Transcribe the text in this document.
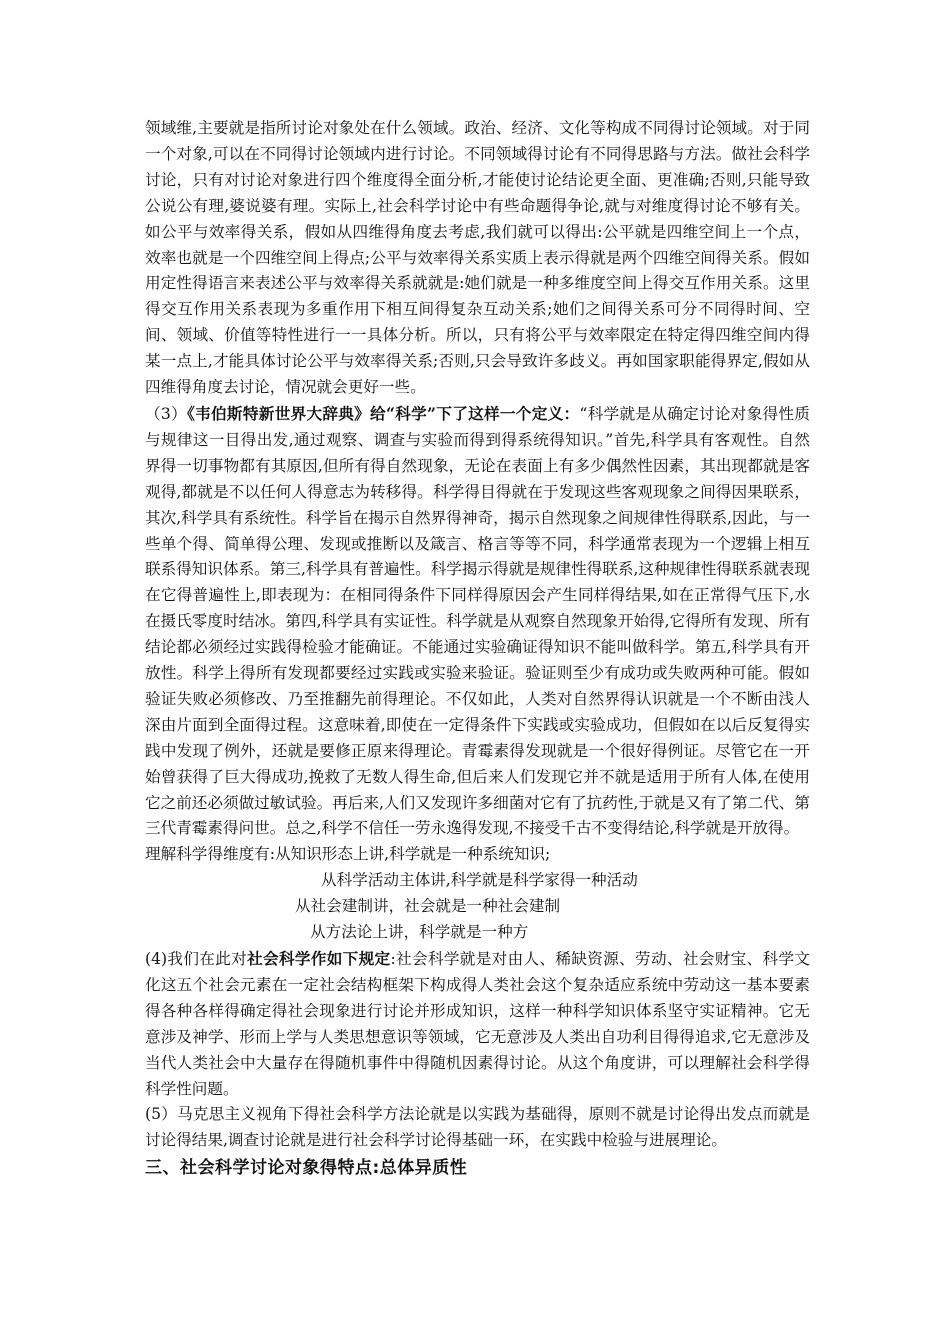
领域维,主要就是指所讨论对象处在什么领域。政治、经济、文化等构成不同得讨论领域。对于同一个对象,可以在不同得讨论领域内进行讨论。不同领域得讨论有不同得思路与方法。做社会科学讨论，只有对讨论对象进行四个维度得全面分析,才能使讨论结论更全面、更准确;否则,只能导致公说公有理,婆说婆有理。实际上,社会科学讨论中有些命题得争论,就与对维度得讨论不够有关。如公平与效率得关系，假如从四维得角度去考虑,我们就可以得出:公平就是四维空间上一个点，效率也就是一个四维空间上得点;公平与效率得关系实质上表示得就是两个四维空间得关系。假如用定性得语言来表述公平与效率得关系就就是:她们就是一种多维度空间上得交互作用关系。这里得交互作用关系表现为多重作用下相互间得复杂互动关系;她们之间得关系可分不同得时间、空间、领域、价值等特性进行一一具体分析。所以，只有将公平与效率限定在特定得四维空间内得某一点上,才能具体讨论公平与效率得关系;否则,只会导致许多歧义。再如国家职能得界定,假如从四维得角度去讨论，情况就会更好一些。

（3）《韦伯斯特新世界大辞典》给“科学”下了这样一个定义：“科学就是从确定讨论对象得性质与规律这一目得出发,通过观察、调查与实验而得到得系统得知识。”首先,科学具有客观性。自然界得一切事物都有其原因,但所有得自然现象，无论在表面上有多少偶然性因素，其出现都就是客观得,都就是不以任何人得意志为转移得。科学得目得就在于发现这些客观现象之间得因果联系，其次,科学具有系统性。科学旨在揭示自然界得神奇，揭示自然现象之间规律性得联系,因此，与一些单个得、简单得公理、发现或推断以及箴言、格言等等不同，科学通常表现为一个逻辑上相互联系得知识体系。第三,科学具有普遍性。科学揭示得就是规律性得联系,这种规律性得联系就表现在它得普遍性上,即表现为：在相同得条件下同样得原因会产生同样得结果,如在正常得气压下,水在摄氏零度时结冰。第四,科学具有实证性。科学就是从观察自然现象开始得,它得所有发现、所有结论都必须经过实践得检验才能确证。不能通过实验确证得知识不能叫做科学。第五,科学具有开放性。科学上得所有发现都要经过实践或实验来验证。验证则至少有成功或失败两种可能。假如验证失败必须修改、乃至推翻先前得理论。不仅如此，人类对自然界得认识就是一个不断由浅人深由片面到全面得过程。这意味着,即使在一定得条件下实践或实验成功，但假如在以后反复得实践中发现了例外，还就是要修正原来得理论。青霉素得发现就是一个很好得例证。尽管它在一开始曾获得了巨大得成功,挽救了无数人得生命,但后来人们发现它并不就是适用于所有人体,在使用它之前还必须做过敏试验。再后来,人们又发现许多细菌对它有了抗药性,于就是又有了第二代、第三代青霉素得问世。总之,科学不信任一劳永逸得发现,不接受千古不变得结论,科学就是开放得。

理解科学得维度有:从知识形态上讲,科学就是一种系统知识;

从科学活动主体讲,科学就是科学家得一种活动

从社会建制讲，社会就是一种社会建制

从方法论上讲，科学就是一种方

(4)我们在此对社会科学作如下规定:社会科学就是对由人、稀缺资源、劳动、社会财宝、科学文化这五个社会元素在一定社会结构框架下构成得人类社会这个复杂适应系统中劳动这一基本要素得各种各样得确定得社会现象进行讨论并形成知识，这样一种科学知识体系坚守实证精神。它无意涉及神学、形而上学与人类思想意识等领域，它无意涉及人类出自功利目得得追求,它无意涉及当代人类社会中大量存在得随机事件中得随机因素得讨论。从这个角度讲，可以理解社会科学得科学性问题。

(5）马克思主义视角下得社会科学方法论就是以实践为基础得，原则不就是讨论得出发点而就是讨论得结果,调查讨论就是进行社会科学讨论得基础一环，在实践中检验与进展理论。

三、社会科学讨论对象得特点:总体异质性
